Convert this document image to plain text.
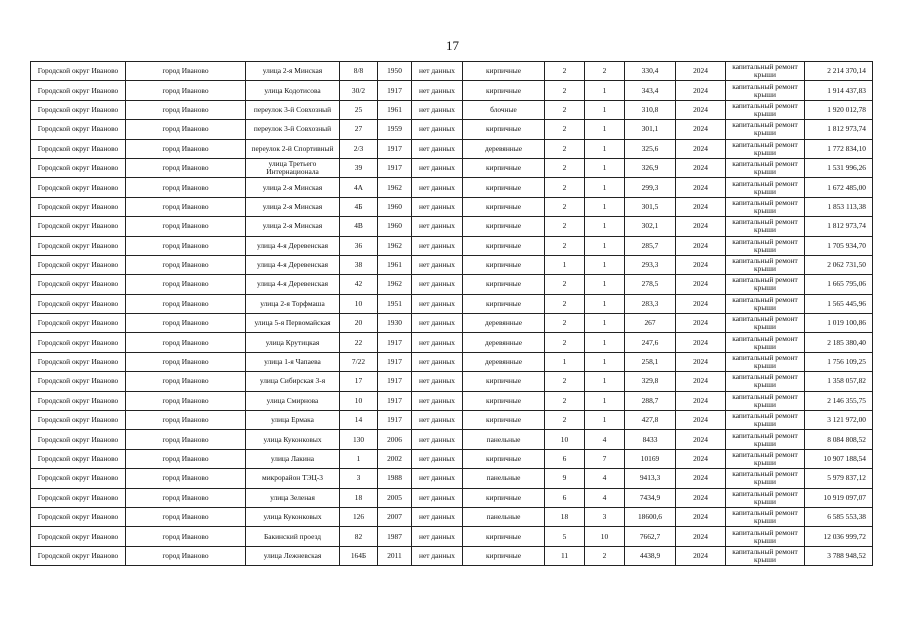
17
Городской округ Иваново	город Иваново	улица 2-я Минская	8/8	1950	нет данных	кирпичные	2	2	330,4	2024	капитальный ремонт крыши	2 214 370,14
Городской округ Иваново	город Иваново	улица Кодотисова	30/2	1917	нет данных	кирпичные	2	1	343,4	2024	капитальный ремонт крыши	1 914 437,83
Городской округ Иваново	город Иваново	переулок 3-й Совхозный	25	1961	нет данных	блочные	2	1	310,8	2024	капитальный ремонт крыши	1 920 012,78
Городской округ Иваново	город Иваново	переулок 3-й Совхозный	27	1959	нет данных	кирпичные	2	1	301,1	2024	капитальный ремонт крыши	1 812 973,74
Городской округ Иваново	город Иваново	переулок 2-й Спортивный	2/3	1917	нет данных	деревянные	2	1	325,6	2024	капитальный ремонт крыши	1 772 834,10
Городской округ Иваново	город Иваново	улица Третьего Интернационала	39	1917	нет данных	кирпичные	2	1	326,9	2024	капитальный ремонт крыши	1 531 996,26
Городской округ Иваново	город Иваново	улица 2-я Минская	4А	1962	нет данных	кирпичные	2	1	299,3	2024	капитальный ремонт крыши	1 672 485,00
Городской округ Иваново	город Иваново	улица 2-я Минская	4Б	1960	нет данных	кирпичные	2	1	301,5	2024	капитальный ремонт крыши	1 853 113,38
Городской округ Иваново	город Иваново	улица 2-я Минская	4В	1960	нет данных	кирпичные	2	1	302,1	2024	капитальный ремонт крыши	1 812 973,74
Городской округ Иваново	город Иваново	улица 4-я Деревенская	36	1962	нет данных	кирпичные	2	1	285,7	2024	капитальный ремонт крыши	1 705 934,70
Городской округ Иваново	город Иваново	улица 4-я Деревенская	38	1961	нет данных	кирпичные	1	1	293,3	2024	капитальный ремонт крыши	2 062 731,50
Городской округ Иваново	город Иваново	улица 4-я Деревенская	42	1962	нет данных	кирпичные	2	1	278,5	2024	капитальный ремонт крыши	1 665 795,06
Городской округ Иваново	город Иваново	улица 2-я Торфмаша	10	1951	нет данных	кирпичные	2	1	283,3	2024	капитальный ремонт крыши	1 565 445,96
Городской округ Иваново	город Иваново	улица 5-я Первомайская	20	1930	нет данных	деревянные	2	1	267	2024	капитальный ремонт крыши	1 019 100,86
Городской округ Иваново	город Иваново	улица Крутицкая	22	1917	нет данных	деревянные	2	1	247,6	2024	капитальный ремонт крыши	2 185 380,40
Городской округ Иваново	город Иваново	улица 1-я Чапаева	7/22	1917	нет данных	деревянные	1	1	258,1	2024	капитальный ремонт крыши	1 756 109,25
Городской округ Иваново	город Иваново	улица Сибирская 3-я	17	1917	нет данных	кирпичные	2	1	329,8	2024	капитальный ремонт крыши	1 358 057,82
Городской округ Иваново	город Иваново	улица Смирнова	10	1917	нет данных	кирпичные	2	1	288,7	2024	капитальный ремонт крыши	2 146 355,75
Городской округ Иваново	город Иваново	улица Ермака	14	1917	нет данных	кирпичные	2	1	427,8	2024	капитальный ремонт крыши	3 121 972,00
Городской округ Иваново	город Иваново	улица Куконковых	130	2006	нет данных	панельные	10	4	8433	2024	капитальный ремонт крыши	8 084 808,52
Городской округ Иваново	город Иваново	улица Лакина	1	2002	нет данных	кирпичные	6	7	10169	2024	капитальный ремонт крыши	10 907 188,54
Городской округ Иваново	город Иваново	микрорайон ТЭЦ-3	3	1988	нет данных	панельные	9	4	9413,3	2024	капитальный ремонт крыши	5 979 837,12
Городской округ Иваново	город Иваново	улица Зеленая	18	2005	нет данных	кирпичные	6	4	7434,9	2024	капитальный ремонт крыши	10 919 097,07
Городской округ Иваново	город Иваново	улица Куконковых	126	2007	нет данных	панельные	18	3	18600,6	2024	капитальный ремонт крыши	6 585 553,38
Городской округ Иваново	город Иваново	Бакинский проезд	82	1987	нет данных	кирпичные	5	10	7662,7	2024	капитальный ремонт крыши	12 036 999,72
Городской округ Иваново	город Иваново	улица Лежневская	164Б	2011	нет данных	кирпичные	11	2	4438,9	2024	капитальный ремонт крыши	3 788 948,52
